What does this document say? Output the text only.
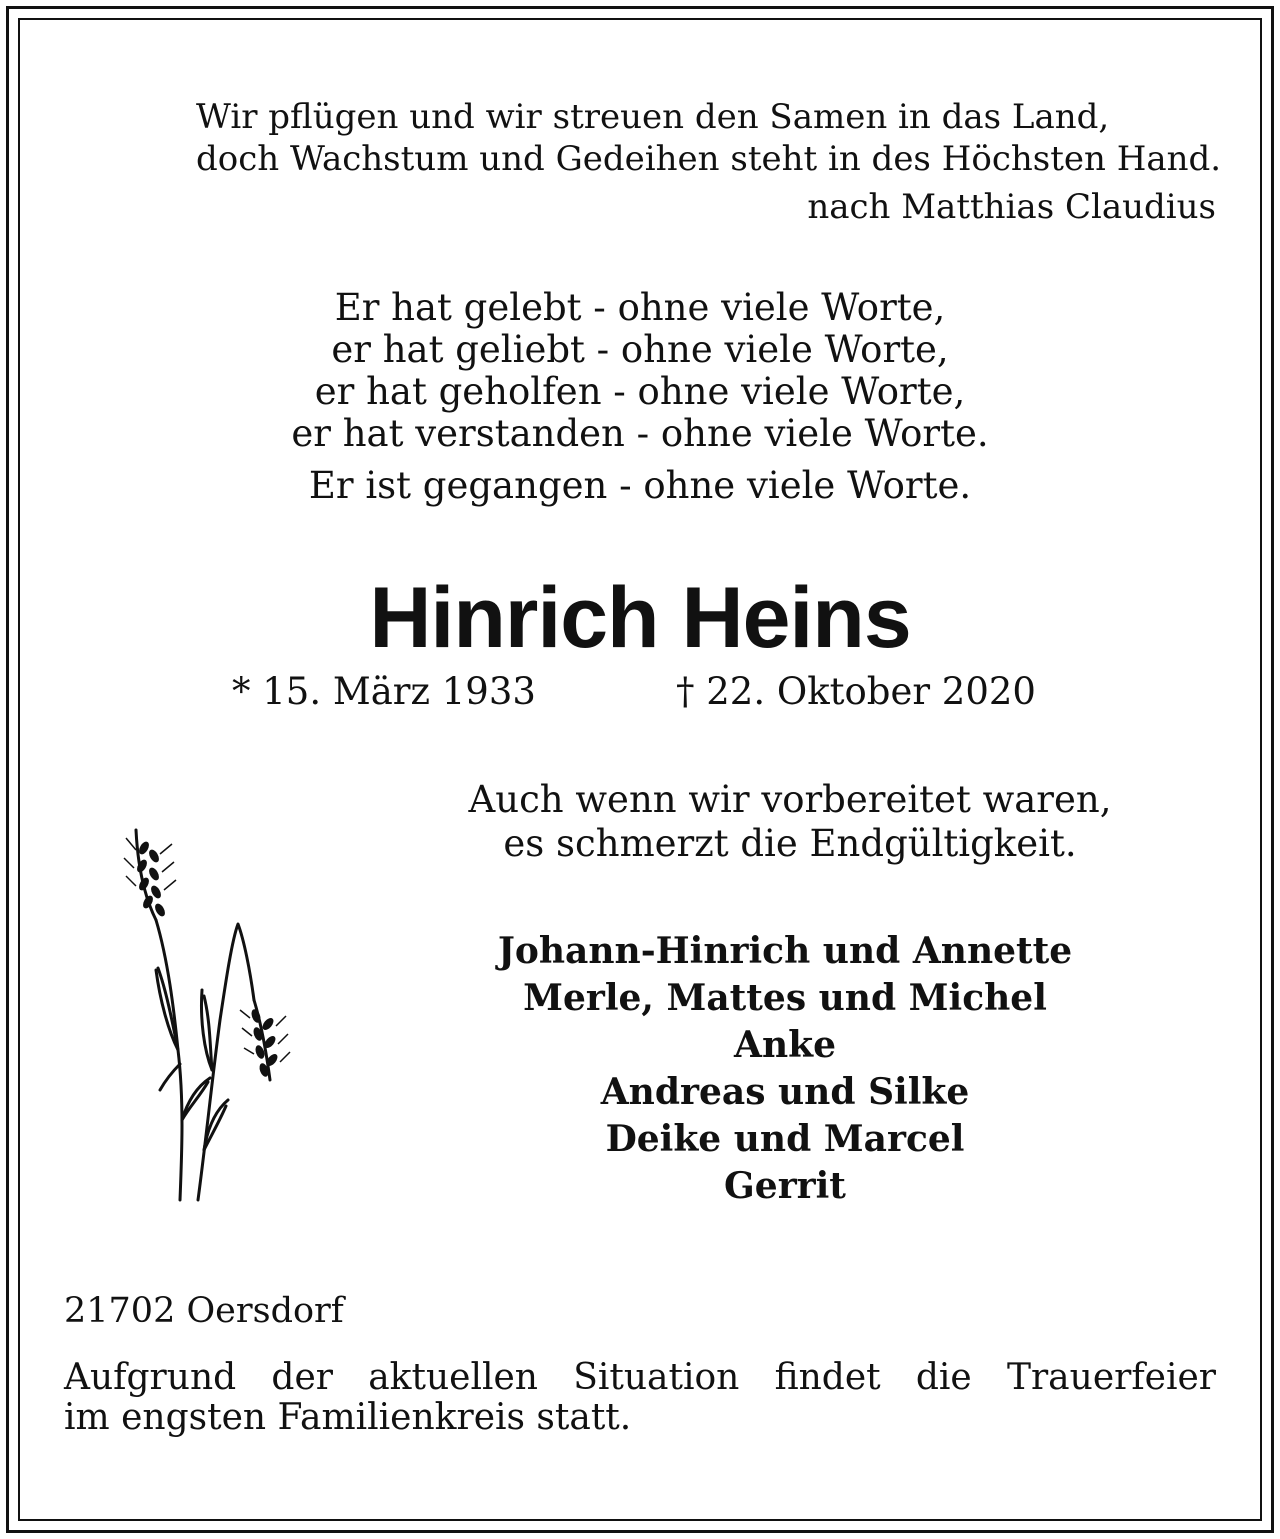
Wir pflügen und wir streuen den Samen in das Land,
doch Wachstum und Gedeihen steht in des Höchsten Hand.
nach Matthias Claudius
Er hat gelebt - ohne viele Worte,
er hat geliebt - ohne viele Worte,
er hat geholfen - ohne viele Worte,
er hat verstanden - ohne viele Worte.
Er ist gegangen - ohne viele Worte.
Hinrich Heins
* 15. März 1933	† 22. Oktober 2020
Auch wenn wir vorbereitet waren,
es schmerzt die Endgültigkeit.
Johann-Hinrich und Annette
Merle, Mattes und Michel
Anke
Andreas und Silke
Deike und Marcel
Gerrit
21702 Oersdorf
Aufgrund der aktuellen Situation findet die Trauerfeier
im engsten Familienkreis statt.
